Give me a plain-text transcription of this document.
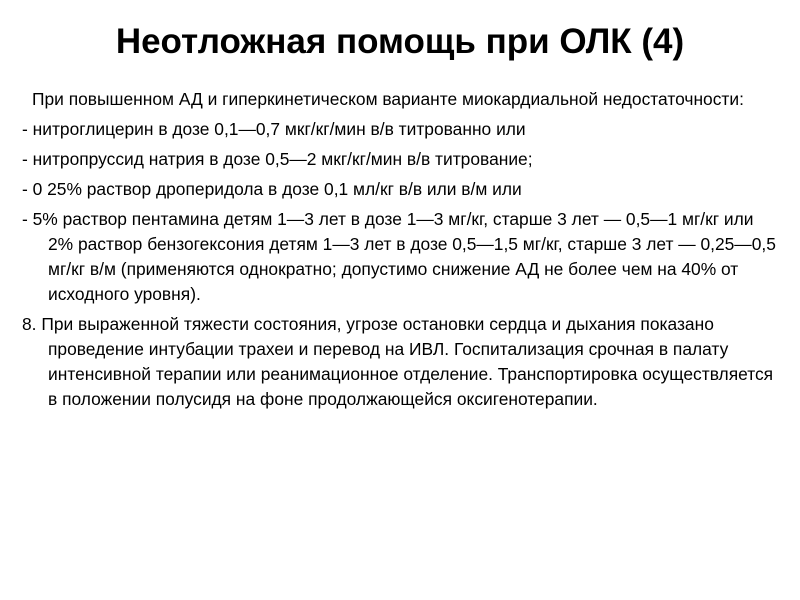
Неотложная помощь при ОЛК (4)

При повышенном АД и гиперкинетическом варианте миокардиальной недостаточности:

- нитроглицерин в дозе 0,1—0,7 мкг/кг/мин в/в титрованно или

- нитропруссид натрия в дозе 0,5—2 мкг/кг/мин в/в титрование;

- 0 25% раствор дроперидола в дозе 0,1 мл/кг в/в или в/м или

- 5% раствор пентамина детям 1—3 лет в дозе 1—3 мг/кг, старше 3 лет — 0,5—1 мг/кг или 2% раствор бензогексония детям 1—3 лет в дозе 0,5—1,5 мг/кг, старше 3 лет — 0,25—0,5 мг/кг в/м (применяются однократно; допустимо снижение АД не более чем на 40% от исходного уровня).

8. При выраженной тяжести состояния, угрозе остановки сердца и дыхания показано проведение интубации трахеи и перевод на ИВЛ. Госпитализация срочная в палату интенсивной терапии или реанимационное отделение. Транспортировка осуществляется в положении полусидя на фоне продолжающейся оксигенотерапии.
